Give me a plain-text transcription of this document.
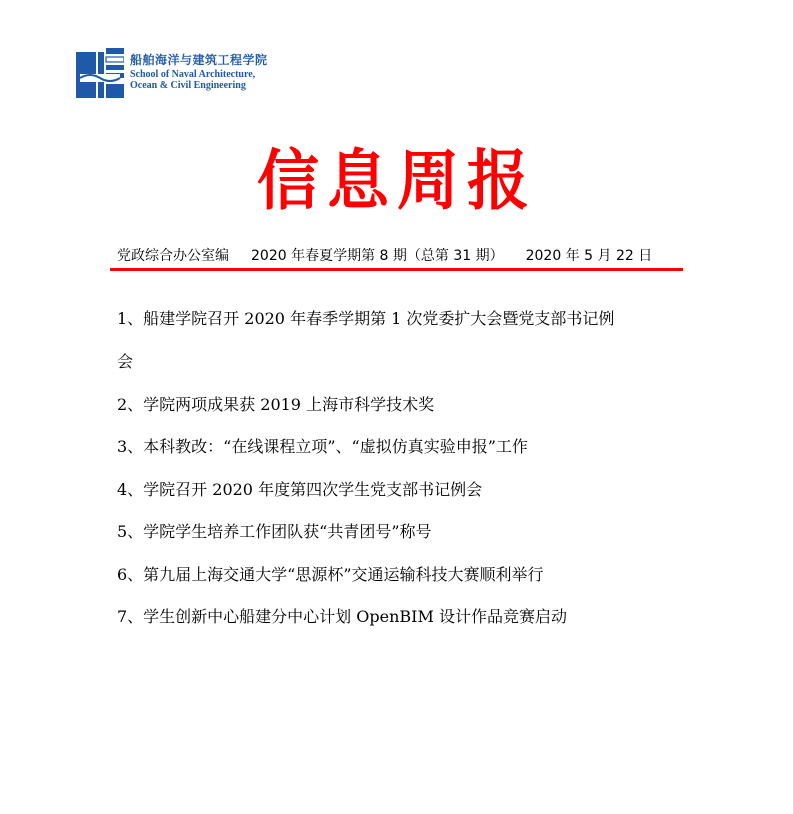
船舶海洋与建筑工程学院
School of Naval Architecture,
Ocean & Civil Engineering
信息周报
党政综合办公室编 2020 年春夏学期第 8 期（总第 31 期） 2020 年 5 月 22 日
1、船建学院召开 2020 年春季学期第 1 次党委扩大会暨党支部书记例
会
2、学院两项成果获 2019 上海市科学技术奖
3、本科教改：“在线课程立项”、“虚拟仿真实验申报”工作
4、学院召开 2020 年度第四次学生党支部书记例会
5、学院学生培养工作团队获“共青团号”称号
6、第九届上海交通大学“思源杯”交通运输科技大赛顺利举行
7、学生创新中心船建分中心计划 OpenBIM 设计作品竞赛启动
